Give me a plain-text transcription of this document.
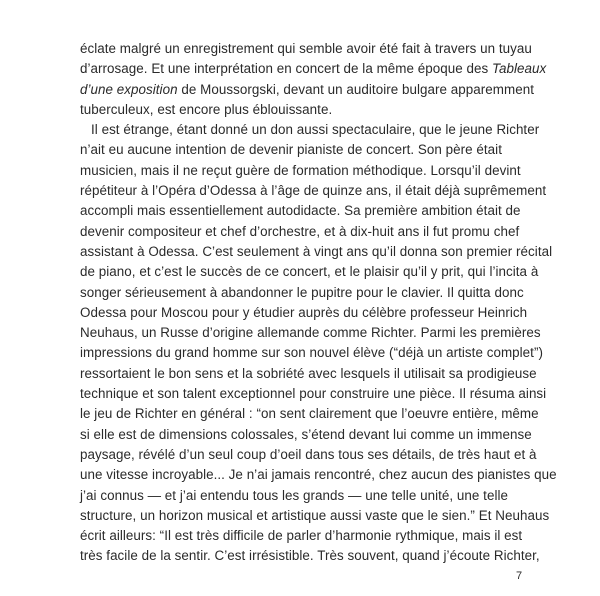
éclate malgré un enregistrement qui semble avoir été fait à travers un tuyau
d’arrosage. Et une interprétation en concert de la même époque des Tableaux
d’une exposition de Moussorgski, devant un auditoire bulgare apparemment
tuberculeux, est encore plus éblouissante.
Il est étrange, étant donné un don aussi spectaculaire, que le jeune Richter
n’ait eu aucune intention de devenir pianiste de concert. Son père était
musicien, mais il ne reçut guère de formation méthodique. Lorsqu’il devint
répétiteur à l’Opéra d’Odessa à l’âge de quinze ans, il était déjà suprêmement
accompli mais essentiellement autodidacte. Sa première ambition était de
devenir compositeur et chef d’orchestre, et à dix-huit ans il fut promu chef
assistant à Odessa. C’est seulement à vingt ans qu’il donna son premier récital
de piano, et c’est le succès de ce concert, et le plaisir qu’il y prit, qui l’incita à
songer sérieusement à abandonner le pupitre pour le clavier. Il quitta donc
Odessa pour Moscou pour y étudier auprès du célèbre professeur Heinrich
Neuhaus, un Russe d’origine allemande comme Richter. Parmi les premières
impressions du grand homme sur son nouvel élève (“déjà un artiste complet”)
ressortaient le bon sens et la sobriété avec lesquels il utilisait sa prodigieuse
technique et son talent exceptionnel pour construire une pièce. Il résuma ainsi
le jeu de Richter en général : “on sent clairement que l’oeuvre entière, même
si elle est de dimensions colossales, s’étend devant lui comme un immense
paysage, révélé d’un seul coup d’oeil dans tous ses détails, de très haut et à
une vitesse incroyable... Je n’ai jamais rencontré, chez aucun des pianistes que
j’ai connus — et j’ai entendu tous les grands — une telle unité, une telle
structure, un horizon musical et artistique aussi vaste que le sien.” Et Neuhaus
écrit ailleurs: “Il est très difficile de parler d’harmonie rythmique, mais il est
très facile de la sentir. C’est irrésistible. Très souvent, quand j’écoute Richter,
7
